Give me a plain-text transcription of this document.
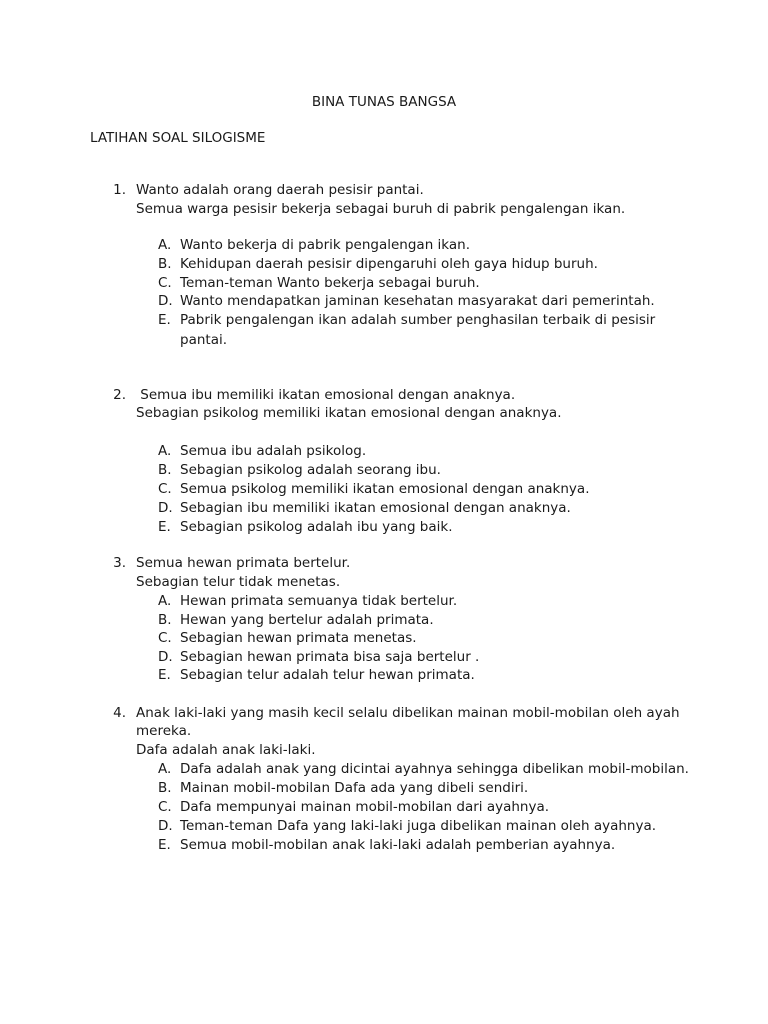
BINA TUNAS BANGSA
LATIHAN SOAL SILOGISME
1. Wanto adalah orang daerah pesisir pantai.
Semua warga pesisir bekerja sebagai buruh di pabrik pengalengan ikan.
A. Wanto bekerja di pabrik pengalengan ikan.
B. Kehidupan daerah pesisir dipengaruhi oleh gaya hidup buruh.
C. Teman-teman Wanto bekerja sebagai buruh.
D. Wanto mendapatkan jaminan kesehatan masyarakat dari pemerintah.
E. Pabrik pengalengan ikan adalah sumber penghasilan terbaik di pesisir
pantai.
2. Semua ibu memiliki ikatan emosional dengan anaknya.
Sebagian psikolog memiliki ikatan emosional dengan anaknya.
A. Semua ibu adalah psikolog.
B. Sebagian psikolog adalah seorang ibu.
C. Semua psikolog memiliki ikatan emosional dengan anaknya.
D. Sebagian ibu memiliki ikatan emosional dengan anaknya.
E. Sebagian psikolog adalah ibu yang baik.
3. Semua hewan primata bertelur.
Sebagian telur tidak menetas.
A. Hewan primata semuanya tidak bertelur.
B. Hewan yang bertelur adalah primata.
C. Sebagian hewan primata menetas.
D. Sebagian hewan primata bisa saja bertelur .
E. Sebagian telur adalah telur hewan primata.
4. Anak laki-laki yang masih kecil selalu dibelikan mainan mobil-mobilan oleh ayah
mereka.
Dafa adalah anak laki-laki.
A. Dafa adalah anak yang dicintai ayahnya sehingga dibelikan mobil-mobilan.
B. Mainan mobil-mobilan Dafa ada yang dibeli sendiri.
C. Dafa mempunyai mainan mobil-mobilan dari ayahnya.
D. Teman-teman Dafa yang laki-laki juga dibelikan mainan oleh ayahnya.
E. Semua mobil-mobilan anak laki-laki adalah pemberian ayahnya.
